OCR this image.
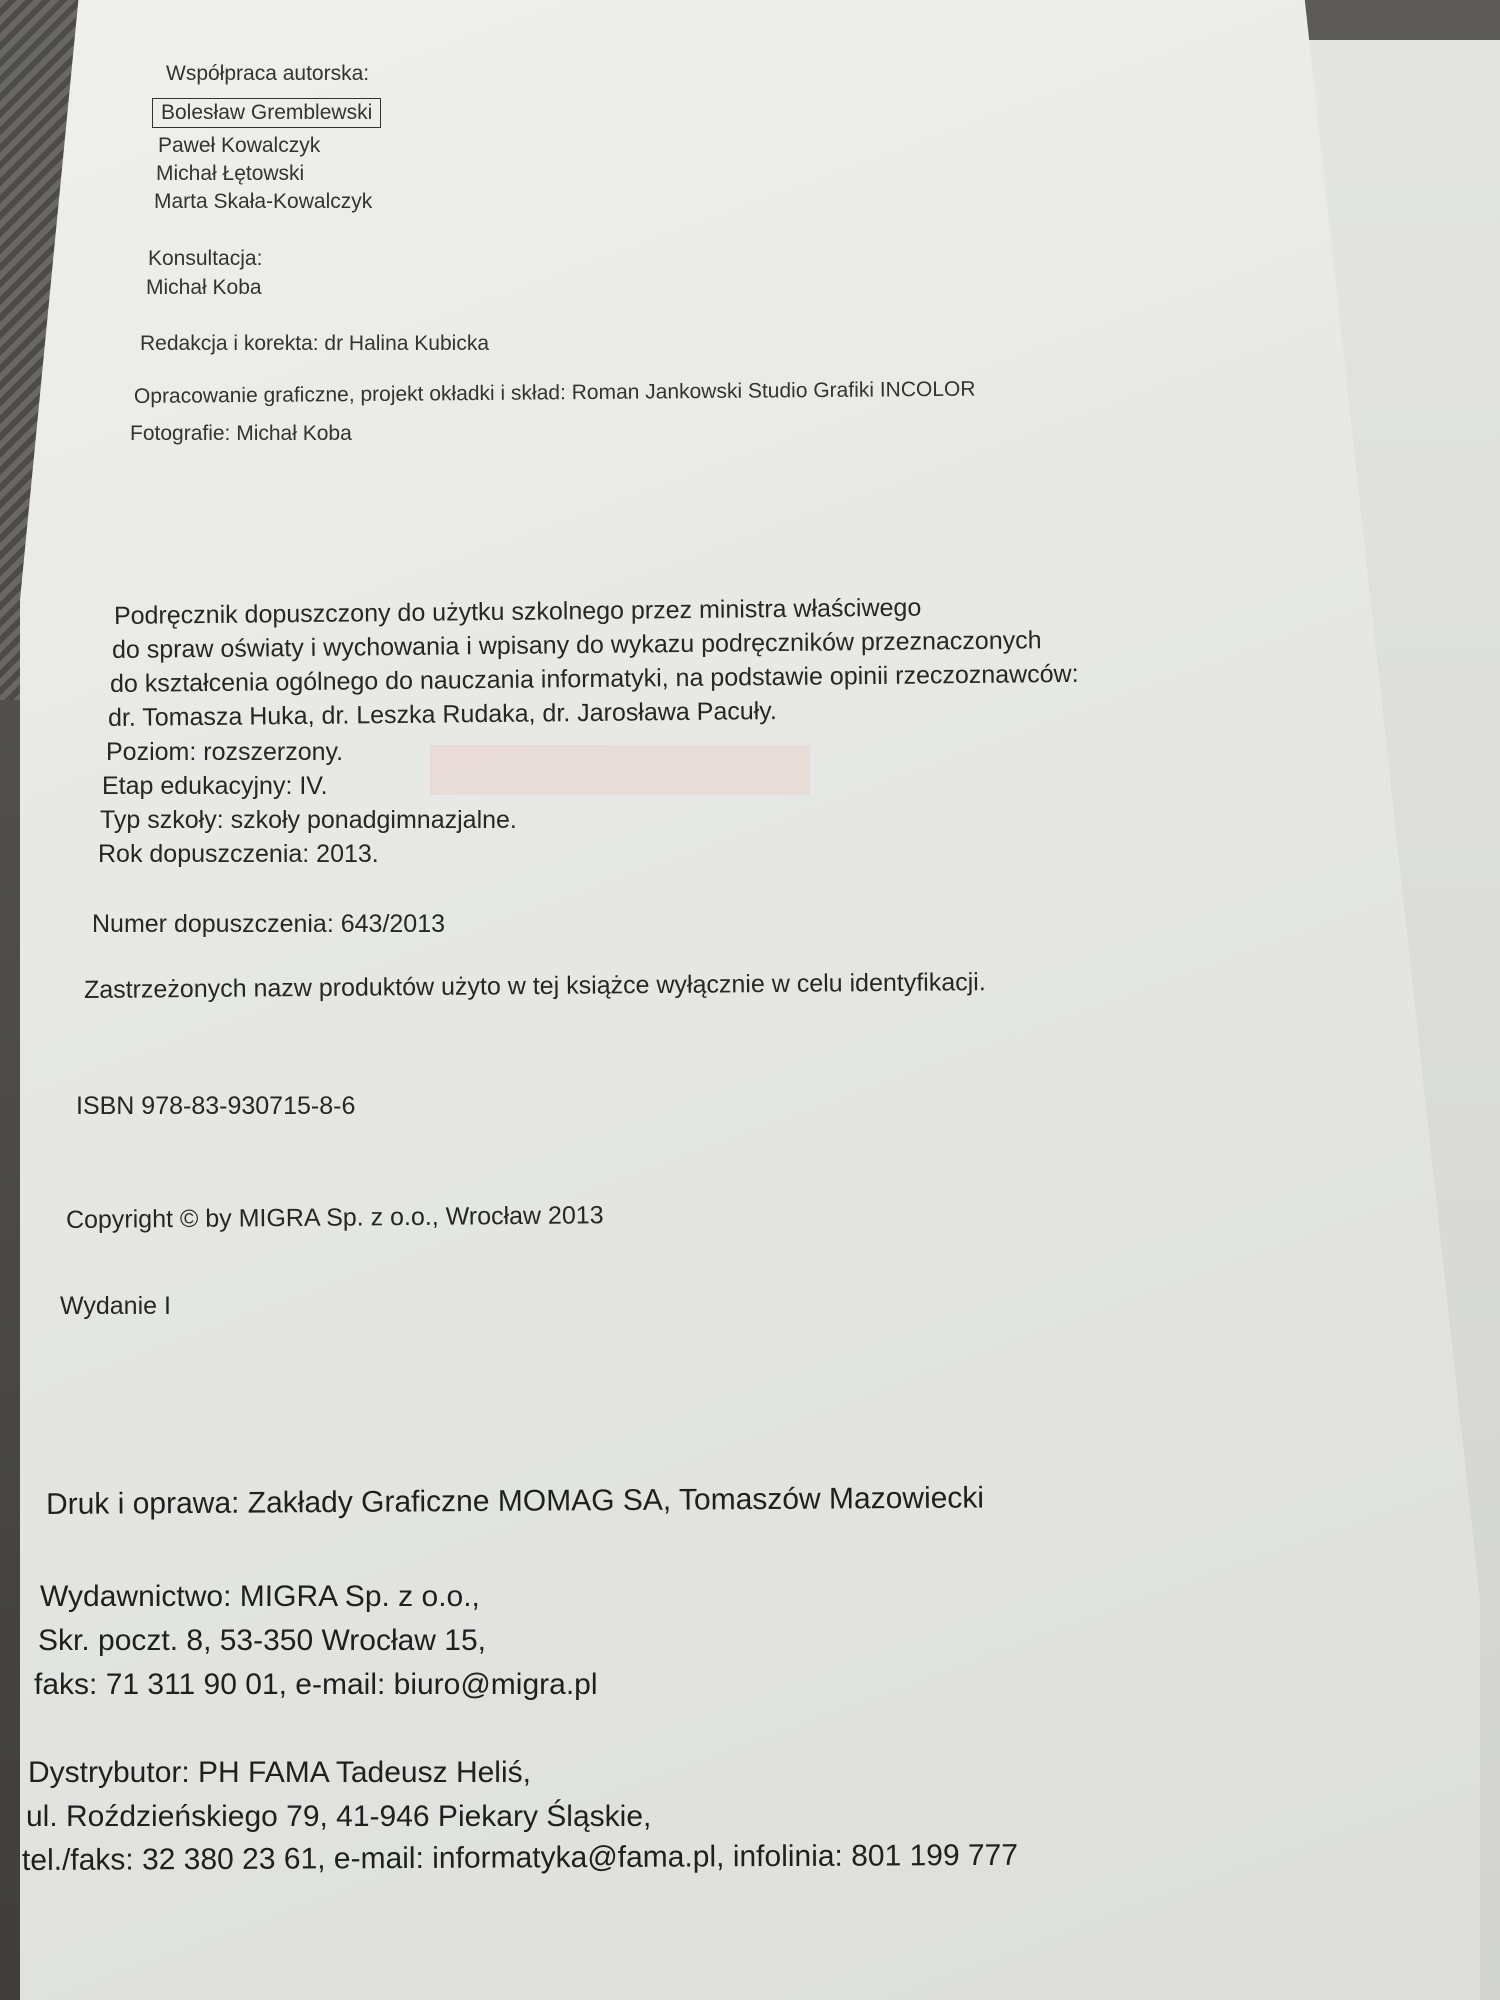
Współpraca autorska:

Bolesław Gremblewski

Paweł Kowalczyk

Michał Łętowski

Marta Skała-Kowalczyk

Konsultacja:

Michał Koba

Redakcja i korekta: dr Halina Kubicka

Opracowanie graficzne, projekt okładki i skład: Roman Jankowski Studio Grafiki INCOLOR

Fotografie: Michał Koba

Podręcznik dopuszczony do użytku szkolnego przez ministra właściwego

do spraw oświaty i wychowania i wpisany do wykazu podręczników przeznaczonych

do kształcenia ogólnego do nauczania informatyki, na podstawie opinii rzeczoznawców:

dr. Tomasza Huka, dr. Leszka Rudaka, dr. Jarosława Pacuły.

Poziom: rozszerzony.

Etap edukacyjny: IV.

Typ szkoły: szkoły ponadgimnazjalne.

Rok dopuszczenia: 2013.

Numer dopuszczenia: 643/2013

Zastrzeżonych nazw produktów użyto w tej książce wyłącznie w celu identyfikacji.

ISBN 978-83-930715-8-6

Copyright © by MIGRA Sp. z o.o., Wrocław 2013

Wydanie I

Druk i oprawa: Zakłady Graficzne MOMAG SA, Tomaszów Mazowiecki

Wydawnictwo: MIGRA Sp. z o.o.,

Skr. poczt. 8, 53-350 Wrocław 15,

faks: 71 311 90 01, e-mail: biuro@migra.pl

Dystrybutor: PH FAMA Tadeusz Heliś,

ul. Roździeńskiego 79, 41-946 Piekary Śląskie,

tel./faks: 32 380 23 61, e-mail: informatyka@fama.pl, infolinia: 801 199 777
